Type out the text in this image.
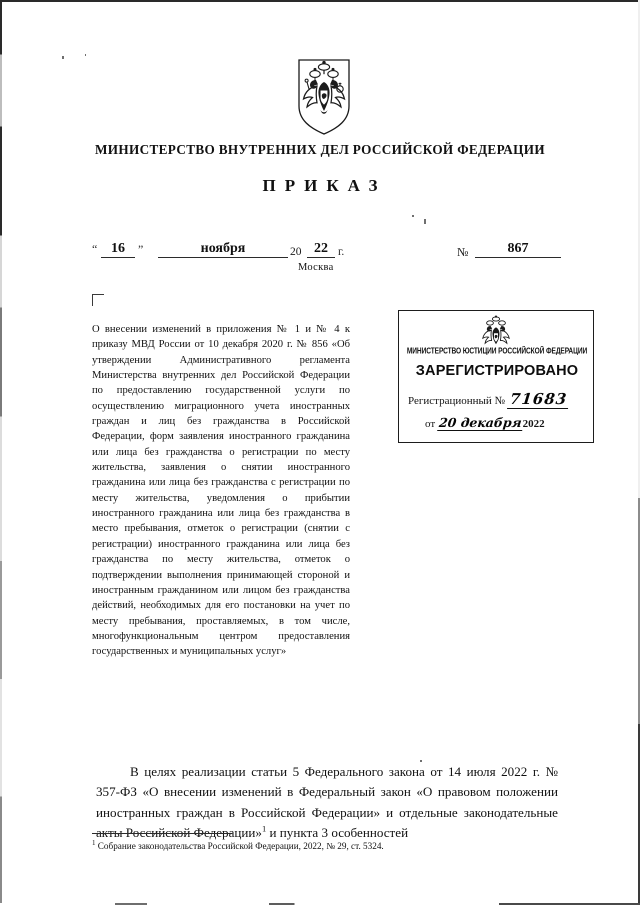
МИНИСТЕРСТВО ВНУТРЕННИХ ДЕЛ РОССИЙСКОЙ ФЕДЕРАЦИИ
ПРИКАЗ
“ 16	”	ноября	20 22 г.	№	867
Москва
О внесении изменений в приложения № 1 и № 4 к приказу МВД России от 10 декабря 2020 г. № 856 «Об утверждении Административного регламента Министерства внутренних дел Российской Федерации по предоставлению государственной услуги по осуществлению миграционного учета иностранных граждан и лиц без гражданства в Российской Федерации, форм заявления иностранного гражданина или лица без гражданства о регистрации по месту жительства, заявления о снятии иностранного гражданина или лица без гражданства с регистрации по месту жительства, уведомления о прибытии иностранного гражданина или лица без гражданства в место пребывания, отметок о регистрации (снятии с регистрации) иностранного гражданина или лица без гражданства по месту жительства, отметок о подтверждении выполнения принимающей стороной и иностранным гражданином или лицом без гражданства действий, необходимых для его постановки на учет по месту пребывания, проставляемых, в том числе, многофункциональным центром предоставления государственных и муниципальных услуг»
МИНИСТЕРСТВО ЮСТИЦИИ РОССИЙСКОЙ ФЕДЕРАЦИИ
ЗАРЕГИСТРИРОВАНО
Регистрационный № 71683
от 20 декабря2022
В целях реализации статьи 5 Федерального закона от 14 июля 2022 г. № 357-ФЗ «О внесении изменений в Федеральный закон «О правовом положении иностранных граждан в Российской Федерации» и отдельные законодательные акты Российской Федерации»$^1$ и пункта 3 особенностей
$^1$ Собрание законодательства Российской Федерации, 2022, № 29, ст. 5324.
